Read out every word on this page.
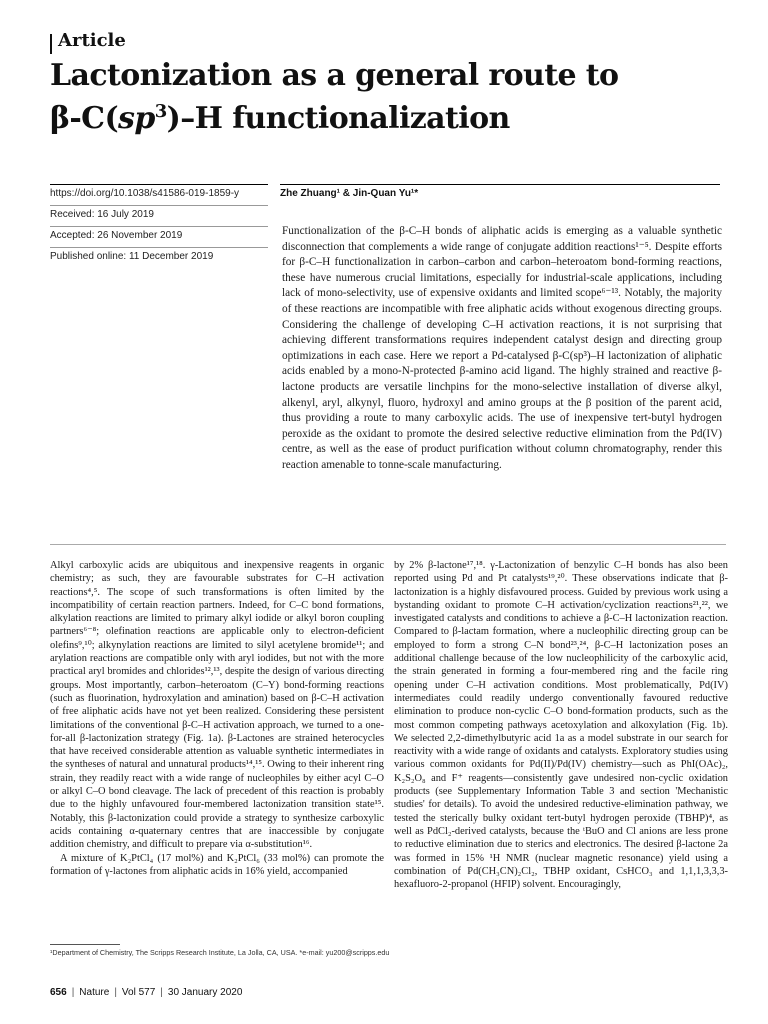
Article
Lactonization as a general route to
$\beta-C(sp^3)-H$ functionalization
https://doi.org/10.1038/s41586-019-1859-y
Received: 16 July 2019
Accepted: 26 November 2019
Published online: 11 December 2019
Zhe Zhuang¹ & Jin-Quan Yu¹*
Functionalization of the β-C–H bonds of aliphatic acids is emerging as a valuable synthetic disconnection that complements a wide range of conjugate addition reactions¹⁻⁵. Despite efforts for β-C–H functionalization in carbon–carbon and carbon–heteroatom bond-forming reactions, these have numerous crucial limitations, especially for industrial-scale applications, including lack of mono-selectivity, use of expensive oxidants and limited scope⁶⁻¹³. Notably, the majority of these reactions are incompatible with free aliphatic acids without exogenous directing groups. Considering the challenge of developing C–H activation reactions, it is not surprising that achieving different transformations requires independent catalyst design and directing group optimizations in each case. Here we report a Pd-catalysed β-C(sp³)–H lactonization of aliphatic acids enabled by a mono-N-protected β-amino acid ligand. The highly strained and reactive β-lactone products are versatile linchpins for the mono-selective installation of diverse alkyl, alkenyl, aryl, alkynyl, fluoro, hydroxyl and amino groups at the β position of the parent acid, thus providing a route to many carboxylic acids. The use of inexpensive tert-butyl hydrogen peroxide as the oxidant to promote the desired selective reductive elimination from the Pd(IV) centre, as well as the ease of product purification without column chromatography, render this reaction amenable to tonne-scale manufacturing.

Alkyl carboxylic acids are ubiquitous and inexpensive reagents in organic chemistry; as such, they are favourable substrates for C–H activation reactions⁴,⁵. The scope of such transformations is often limited by the incompatibility of certain reaction partners. Indeed, for C–C bond formations, alkylation reactions are limited to primary alkyl iodide or alkyl boron coupling partners⁶⁻⁸; olefination reactions are applicable only to electron-deficient olefins⁹,¹⁰; alkynylation reactions are limited to silyl acetylene bromide¹¹; and arylation reactions are compatible only with aryl iodides, but not with the more practical aryl bromides and chlorides¹²,¹³, despite the design of various directing groups. Most importantly, carbon–heteroatom (C–Y) bond-forming reactions (such as fluorination, hydroxylation and amination) based on β-C–H activation of free aliphatic acids have not yet been realized. Considering these persistent limitations of the conventional β-C–H activation approach, we turned to a one-for-all β-lactonization strategy (Fig. 1a). β-Lactones are strained heterocycles that have received considerable attention as valuable synthetic intermediates in the syntheses of natural and unnatural products¹⁴,¹⁵. Owing to their inherent ring strain, they readily react with a wide range of nucleophiles by either acyl C–O or alkyl C–O bond cleavage. The lack of precedent of this reaction is probably due to the highly unfavoured four-membered lactonization transition state¹⁵. Notably, this β-lactonization could provide a strategy to synthesize carboxylic acids containing α-quaternary centres that are inaccessible by conjugate addition chemistry, and difficult to prepare via α-substitution¹⁶.

A mixture of K₂PtCl₄ (17 mol%) and K₂PtCl₆ (33 mol%) can promote the formation of γ-lactones from aliphatic acids in 16% yield, accompanied

by 2% β-lactone¹⁷,¹⁸. γ-Lactonization of benzylic C–H bonds has also been reported using Pd and Pt catalysts¹⁹,²⁰. These observations indicate that β-lactonization is a highly disfavoured process. Guided by previous work using a bystanding oxidant to promote C–H activation/cyclization reactions²¹,²², we investigated catalysts and conditions to achieve a β-C–H lactonization reaction. Compared to β-lactam formation, where a nucleophilic directing group can be employed to form a strong C–N bond²³,²⁴, β-C–H lactonization poses an additional challenge because of the low nucleophilicity of the carboxylic acid, the strain generated in forming a four-membered ring and the facile ring opening under C–H activation conditions. Most problematically, Pd(IV) intermediates could readily undergo conventionally favoured reductive elimination to produce non-cyclic C–O bond-formation products, such as the most common competing pathways acetoxylation and alkoxylation (Fig. 1b). We selected 2,2-dimethylbutyric acid 1a as a model substrate in our search for reactivity with a wide range of oxidants and catalysts. Exploratory studies using various common oxidants for Pd(II)/Pd(IV) chemistry—such as PhI(OAc)₂, K₂S₂O₈ and F⁺ reagents—consistently gave undesired non-cyclic oxidation products (see Supplementary Information Table 3 and section 'Mechanistic studies' for details). To avoid the undesired reductive-elimination pathway, we tested the sterically bulky oxidant tert-butyl hydrogen peroxide (TBHP)⁴, as well as PdCl₂-derived catalysts, because the ᵗBuO and Cl anions are less prone to reductive elimination due to sterics and electronics. The desired β-lactone 2a was formed in 15% ¹H NMR (nuclear magnetic resonance) yield using a combination of Pd(CH₃CN)₂Cl₂, TBHP oxidant, CsHCO₃ and 1,1,1,3,3,3-hexafluoro-2-propanol (HFIP) solvent. Encouragingly,

¹Department of Chemistry, The Scripps Research Institute, La Jolla, CA, USA. *e-mail: yu200@scripps.edu
656 | Nature | Vol 577 | 30 January 2020
